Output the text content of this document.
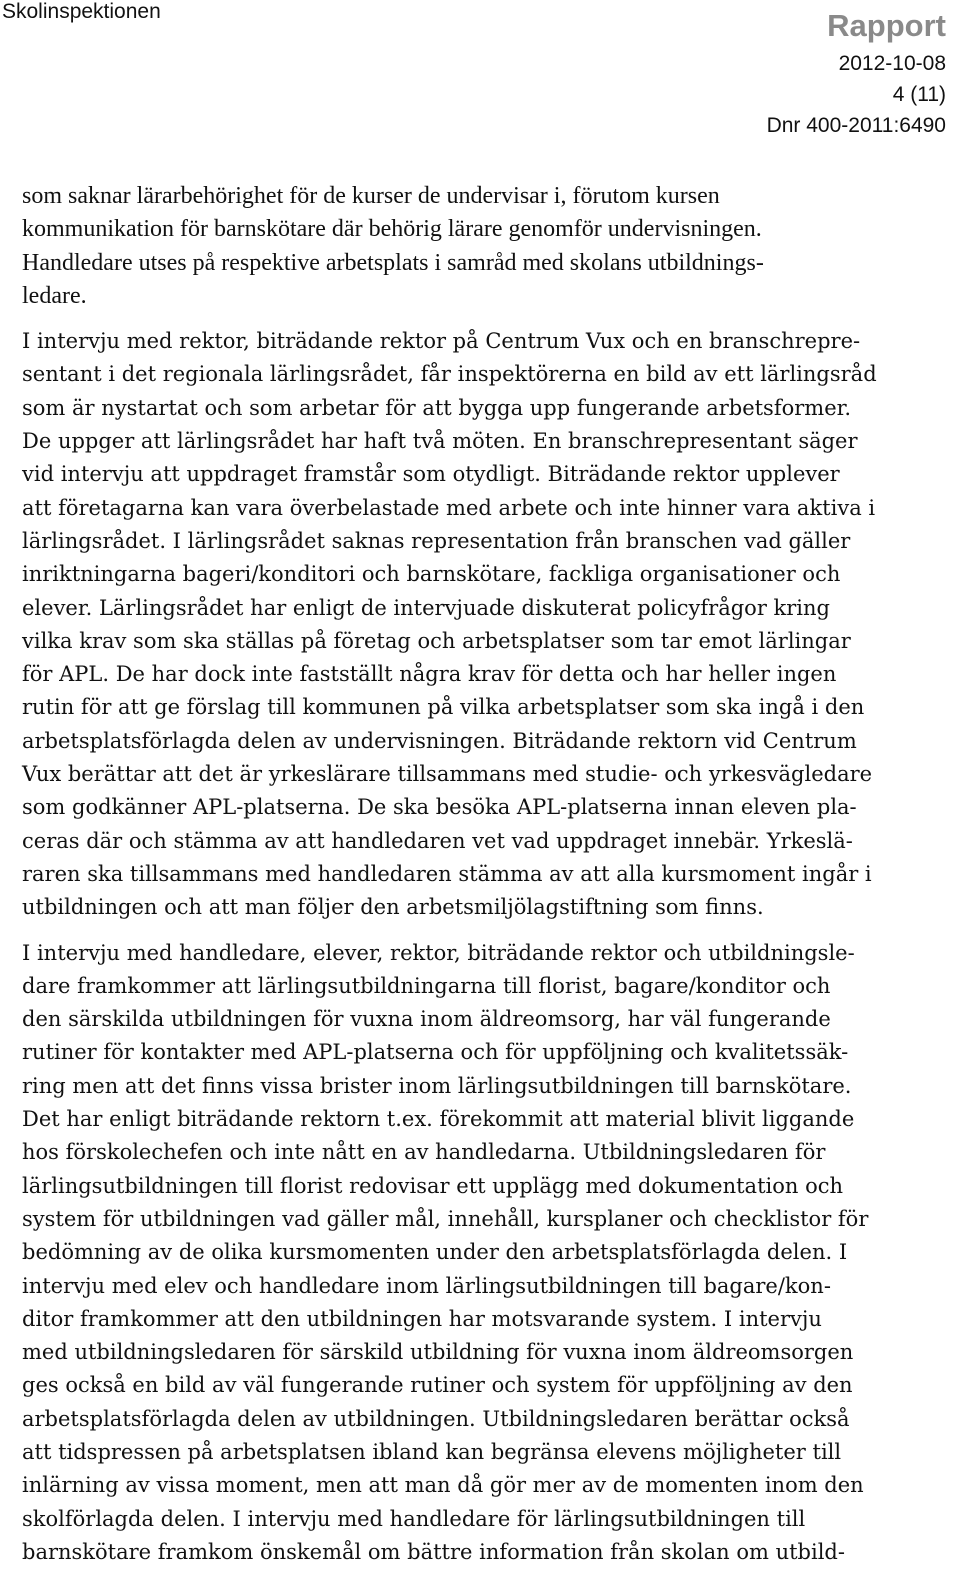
Skolinspektionen	Rapport
2012-10-08
4 (11)
Dnr 400-2011:6490

som saknar lärarbehörighet för de kurser de undervisar i, förutom kursen
kommunikation för barnskötare där behörig lärare genomför undervisningen.
Handledare utses på respektive arbetsplats i samråd med skolans utbildnings-
ledare.

I intervju med rektor, biträdande rektor på Centrum Vux och en branschrepre-
sentant i det regionala lärlingsrådet, får inspektörerna en bild av ett lärlingsråd
som är nystartat och som arbetar för att bygga upp fungerande arbetsformer.
De uppger att lärlingsrådet har haft två möten. En branschrepresentant säger
vid intervju att uppdraget framstår som otydligt. Biträdande rektor upplever
att företagarna kan vara överbelastade med arbete och inte hinner vara aktiva i
lärlingsrådet. I lärlingsrådet saknas representation från branschen vad gäller
inriktningarna bageri/konditori och barnskötare, fackliga organisationer och
elever. Lärlingsrådet har enligt de intervjuade diskuterat policyfrågor kring
vilka krav som ska ställas på företag och arbetsplatser som tar emot lärlingar
för APL. De har dock inte fastställt några krav för detta och har heller ingen
rutin för att ge förslag till kommunen på vilka arbetsplatser som ska ingå i den
arbetsplatsförlagda delen av undervisningen. Biträdande rektorn vid Centrum
Vux berättar att det är yrkeslärare tillsammans med studie- och yrkesvägledare
som godkänner APL-platserna. De ska besöka APL-platserna innan eleven pla-
ceras där och stämma av att handledaren vet vad uppdraget innebär. Yrkeslä-
raren ska tillsammans med handledaren stämma av att alla kursmoment ingår i
utbildningen och att man följer den arbetsmiljölagstiftning som finns.

I intervju med handledare, elever, rektor, biträdande rektor och utbildningsle-
dare framkommer att lärlingsutbildningarna till florist, bagare/konditor och
den särskilda utbildningen för vuxna inom äldreomsorg, har väl fungerande
rutiner för kontakter med APL-platserna och för uppföljning och kvalitetssäk-
ring men att det finns vissa brister inom lärlingsutbildningen till barnskötare.
Det har enligt biträdande rektorn t.ex. förekommit att material blivit liggande
hos förskolechefen och inte nått en av handledarna. Utbildningsledaren för
lärlingsutbildningen till florist redovisar ett upplägg med dokumentation och
system för utbildningen vad gäller mål, innehåll, kursplaner och checklistor för
bedömning av de olika kursmomenten under den arbetsplatsförlagda delen. I
intervju med elev och handledare inom lärlingsutbildningen till bagare/kon-
ditor framkommer att den utbildningen har motsvarande system. I intervju
med utbildningsledaren för särskild utbildning för vuxna inom äldreomsorgen
ges också en bild av väl fungerande rutiner och system för uppföljning av den
arbetsplatsförlagda delen av utbildningen. Utbildningsledaren berättar också
att tidspressen på arbetsplatsen ibland kan begränsa elevens möjligheter till
inlärning av vissa moment, men att man då gör mer av de momenten inom den
skolförlagda delen. I intervju med handledare för lärlingsutbildningen till
barnskötare framkom önskemål om bättre information från skolan om utbild-
